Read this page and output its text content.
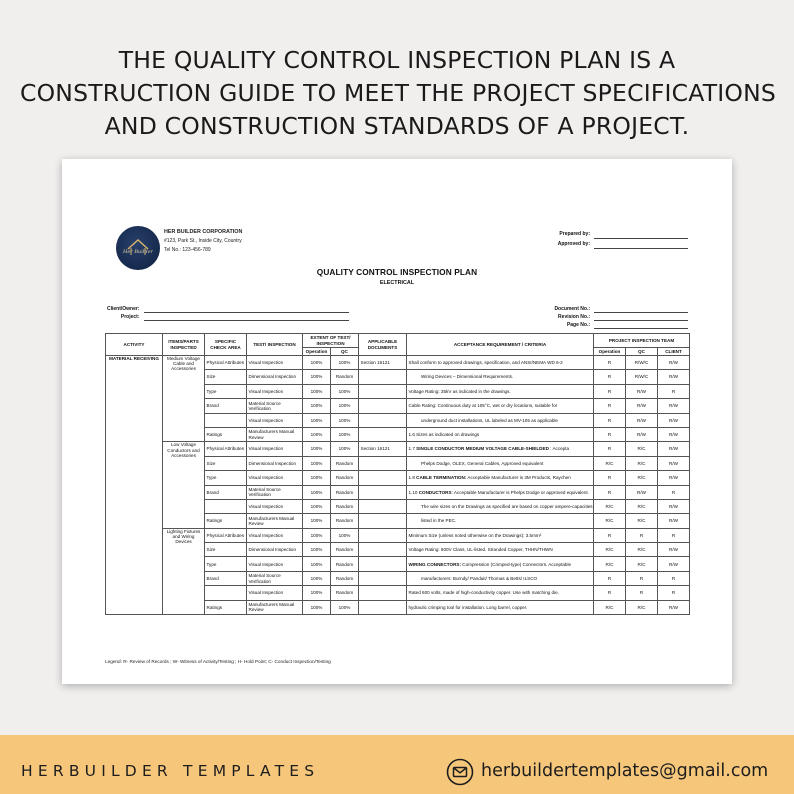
THE QUALITY CONTROL INSPECTION PLAN IS A
CONSTRUCTION GUIDE TO MEET THE PROJECT SPECIFICATIONS
AND CONSTRUCTION STANDARDS OF A PROJECT.
Her Builder
HER BUILDER CORPORATION
#123, Park St., Inside City, Country
Tel No.: 123-456-789
Prepared by:
Approved by:
QUALITY CONTROL INSPECTION PLAN
ELECTRICAL
Client/Owner:
Project:
Document No.:
Revision No.:
Page No.:
ACTIVITY	ITEMS/PARTS INSPECTED	SPECIFIC CHECK AREA	TEST/ INSPECTION	EXTENT OF TEST/ INSPECTION		APPLICABLE DOCUMENTS	ACCEPTANCE REQUIREMENT / CRITERIA	PROJECT INSPECTION TEAM		
				Operation	QC			Operation	QC	CLIENT
MATERIAL RECEIVING	Medium Voltage Cable and Accessories	Physical Attributes	Visual Inspection	100%	100%	Section 16121	Shall conform to approved drawings, specification, and ANSI/NEMA WD 6-2	R	R/W/C	R/W
		Size	Dimensional Inspection	100%	Random		Wiring Devices – Dimensional Requirements.	R	R/W/C	R/W
		Type	Visual Inspection	100%	100%		Voltage Rating: 35kV as indicated in the drawings.	R	R/W	R
		Brand	Material Source Verification	100%	100%		Cable Rating: Continuous duty at 105°C, wet or dry locations, suitable for	R	R/W	R/W
			Visual Inspection	100%	100%		underground duct installations, UL labeled as MV-105 as applicable	R	R/W	R/W
		Ratings	Manufacturers Manual Review	100%	100%		1.6 Sizes as indicated on drawings	R	R/W	R/W
	Low Voltage Conductors and Accessories	Physical Attributes	Visual Inspection	100%	100%	Section 16121	1.7 SINGLE CONDUCTOR MEDIUM VOLTAGE CABLE-SHIELDED : Accepta	R	R/C	R/W
		Size	Dimensional Inspection	100%	Random		Phelps Dodge, OLEX, General Cables, Approved equivalent	R/C	R/C	R/W
		Type	Visual Inspection	100%	Random		1.8 CABLE TERMINATION: Acceptable Manufacturer is 3M Products, Raychen	R	R/C	R/W
		Brand	Material Source Verification	100%	Random		1.10 CONDUCTORS: Acceptable Manufacturer is Phelps Dodge or approved equivalent.	R	R/W	R
			Visual Inspection	100%	Random		The wire sizes on the Drawings as specified are based on copper ampere-capacities	R/C	R/C	R/W
		Ratings	Manufacturers Manual Review	100%	Random		listed in the PEC.	R/C	R/C	R/W
	Lighting Fixtures and Wiring Devices	Physical Attributes	Visual Inspection	100%	100%		Minimum Size (unless noted otherwise on the Drawings): 3.5mm²	R	R	R
		Size	Dimensional Inspection	100%	Random		Voltage Rating: 600V Class, UL-listed. Stranded Copper, THHN/THWN	R/C	R/C	R/W
		Type	Visual Inspection	100%	Random		WIRING CONNECTORS: Compression (Crimped-type) Connectors. Acceptable	R/C	R/C	R/W
		Brand	Material Source Verification	100%	Random		manufacturers: Burndy/ Panduit/ Thomas & Betts/ ILSCO	R	R	R
			Visual Inspection	100%	Random		Rated 600 volts, made of high-conductivity copper. Use with matching die,	R	R	R
		Ratings	Manufacturers Manual Review	100%	100%		hydraulic crimping tool for installation. Long barrel, copper.	R/C	R/C	R/W
Legend: R- Review of Records ; W- Witness of Activity/Testing ; H- Hold Point; C- Conduct Inspection/Testing
HERBUILDER TEMPLATES	herbuildertemplates@gmail.com
